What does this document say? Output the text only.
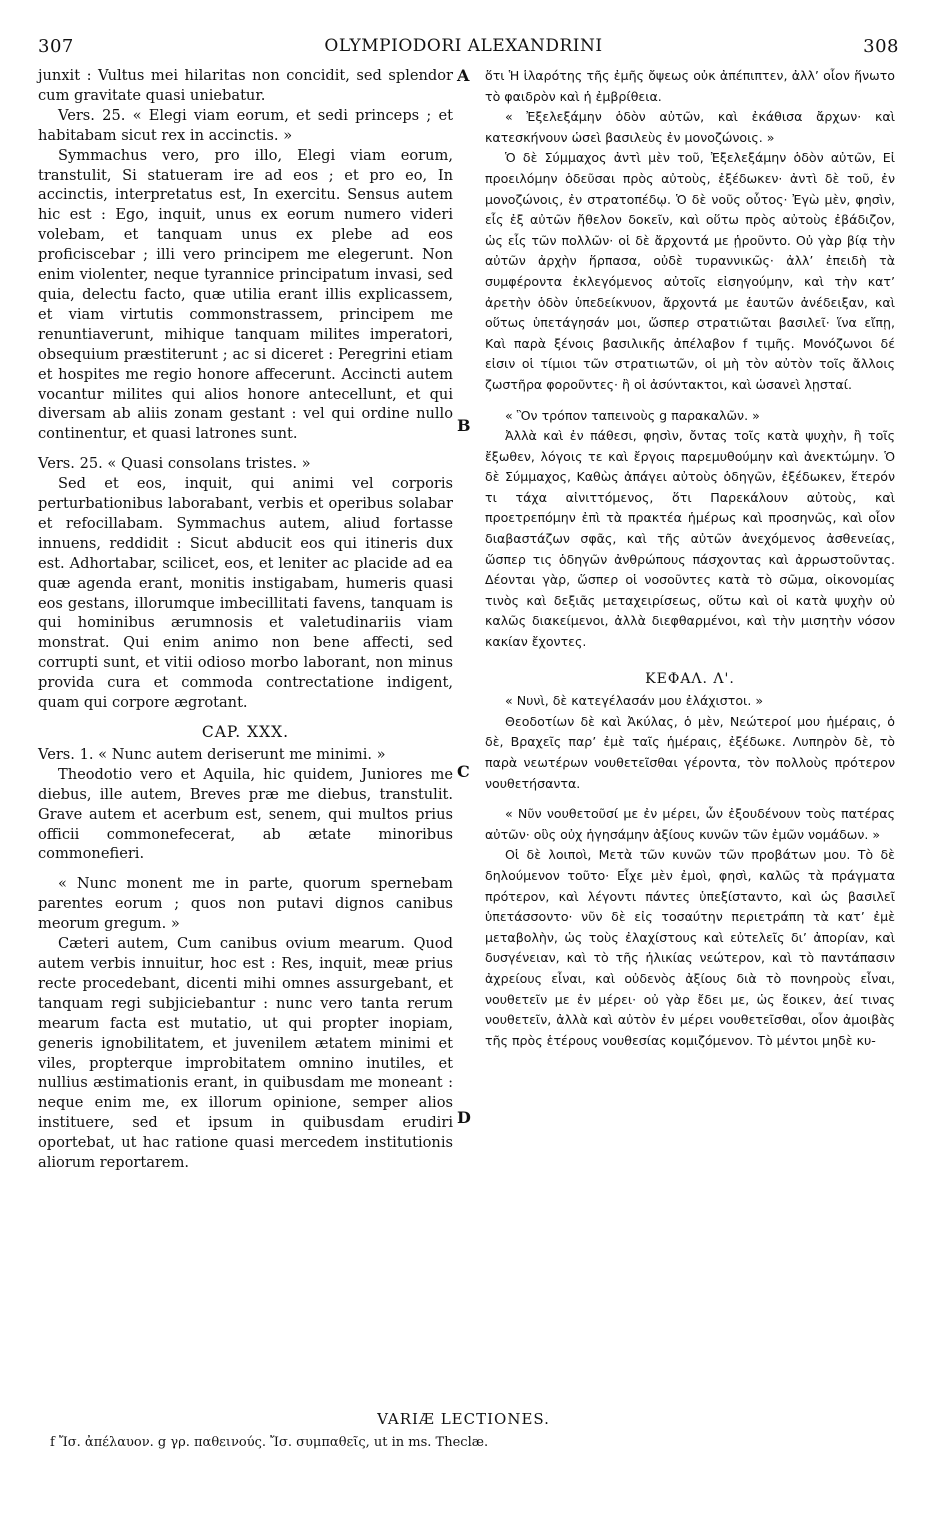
307	OLYMPIODORI ALEXANDRINI	308

junxit : Vultus mei hilaritas non concidit, sed splendor cum gravitate quasi uniebatur.

Vers. 25. « Elegi viam eorum, et sedi princeps ; et habitabam sicut rex in accinctis. »

Symmachus vero, pro illo, Elegi viam eorum, transtulit, Si statueram ire ad eos ; et pro eo, In accinctis, interpretatus est, In exercitu. Sensus autem hic est : Ego, inquit, unus ex eorum numero videri volebam, et tanquam unus ex plebe ad eos proficiscebar ; illi vero principem me elegerunt. Non enim violenter, neque tyrannice principatum invasi, sed quia, delectu facto, quæ utilia erant illis explicassem, et viam virtutis commonstrassem, principem me renuntiaverunt, mihique tanquam milites imperatori, obsequium præstiterunt ; ac si diceret : Peregrini etiam et hospites me regio honore affecerunt. Accincti autem vocantur milites qui alios honore antecellunt, et qui diversam ab aliis zonam gestant : vel qui ordine nullo continentur, et quasi latrones sunt.

Vers. 25. « Quasi consolans tristes. »

Sed et eos, inquit, qui animi vel corporis perturbationibus laborabant, verbis et operibus solabar et refocillabam. Symmachus autem, aliud fortasse innuens, reddidit : Sicut abducit eos qui itineris dux est. Adhortabar, scilicet, eos, et leniter ac placide ad ea quæ agenda erant, monitis instigabam, humeris quasi eos gestans, illorumque imbecillitati favens, tanquam is qui hominibus ærumnosis et valetudinariis viam monstrat. Qui enim animo non bene affecti, sed corrupti sunt, et vitii odioso morbo laborant, non minus provida cura et commoda contrectatione indigent, quam qui corpore ægrotant.

CAP. XXX.

Vers. 1. « Nunc autem deriserunt me minimi. »

Theodotio vero et Aquila, hic quidem, Juniores me diebus, ille autem, Breves præ me diebus, transtulit. Grave autem et acerbum est, senem, qui multos prius officii commonefecerat, ab ætate minoribus commonefieri.

« Nunc monent me in parte, quorum spernebam parentes eorum ; quos non putavi dignos canibus meorum gregum. »

Cæteri autem, Cum canibus ovium mearum. Quod autem verbis innuitur, hoc est : Res, inquit, meæ prius recte procedebant, dicenti mihi omnes assurgebant, et tanquam regi subjiciebantur : nunc vero tanta rerum mearum facta est mutatio, ut qui propter inopiam, generis ignobilitatem, et juvenilem ætatem minimi et viles, propterque improbitatem omnino inutiles, et nullius æstimationis erant, in quibusdam me moneant : neque enim me, ex illorum opinione, semper alios instituere, sed et ipsum in quibusdam erudiri oportebat, ut hac ratione quasi mercedem institutionis aliorum reportarem.

A
B
C
D

ὅτι Ἡ ἱλαρότης τῆς ἐμῆς ὄψεως οὐκ ἀπέπιπτεν, ἀλλ’ οἷον ἥνωτο τὸ φαιδρὸν καὶ ἡ ἐμβρίθεια.

« Ἐξελεξάμην ὁδὸν αὐτῶν, καὶ ἐκάθισα ἄρχων· καὶ κατεσκήνουν ὡσεὶ βασιλεὺς ἐν μονοζώνοις. »

Ὁ δὲ Σύμμαχος ἀντὶ μὲν τοῦ, Ἐξελεξάμην ὁδὸν αὐτῶν, Εἰ προειλόμην ὁδεῦσαι πρὸς αὐτοὺς, ἐξέδωκεν· ἀντὶ δὲ τοῦ, ἐν μονοζώνοις, ἐν στρατοπέδῳ. Ὁ δὲ νοῦς οὗτος· Ἐγὼ μὲν, φησὶν, εἷς ἐξ αὐτῶν ἤθελον δοκεῖν, καὶ οὕτω πρὸς αὐτοὺς ἐβάδιζον, ὡς εἷς τῶν πολλῶν· οἱ δὲ ἄρχοντά με ᾑροῦντο. Οὐ γὰρ βίᾳ τὴν αὐτῶν ἀρχὴν ἥρπασα, οὐδὲ τυραννικῶς· ἀλλ’ ἐπειδὴ τὰ συμφέροντα ἐκλεγόμενος αὐτοῖς εἰσηγούμην, καὶ τὴν κατ’ ἀρετὴν ὁδὸν ὑπεδείκνυον, ἄρχοντά με ἑαυτῶν ἀνέδειξαν, καὶ οὕτως ὑπετάγησάν μοι, ὥσπερ στρατιῶται βασιλεῖ· ἵνα εἴπῃ, Καὶ παρὰ ξένοις βασιλικῆς ἀπέλαβον f τιμῆς. Μονόζωνοι δέ εἰσιν οἱ τίμιοι τῶν στρατιωτῶν, οἱ μὴ τὸν αὐτὸν τοῖς ἄλλοις ζωστῆρα φοροῦντες· ἢ οἱ ἀσύντακτοι, καὶ ὡσανεὶ λῃσταί.

« Ὃν τρόπον ταπεινοὺς g παρακαλῶν. »

Ἀλλὰ καὶ ἐν πάθεσι, φησὶν, ὄντας τοῖς κατὰ ψυχὴν, ἢ τοῖς ἔξωθεν, λόγοις τε καὶ ἔργοις παρεμυθούμην καὶ ἀνεκτώμην. Ὁ δὲ Σύμμαχος, Καθὼς ἀπάγει αὐτοὺς ὁδηγῶν, ἐξέδωκεν, ἕτερόν τι τάχα αἰνιττόμενος, ὅτι Παρεκάλουν αὐτοὺς, καὶ προετρεπόμην ἐπὶ τὰ πρακτέα ἡμέρως καὶ προσηνῶς, καὶ οἷον διαβαστάζων σφᾶς, καὶ τῆς αὐτῶν ἀνεχόμενος ἀσθενείας, ὥσπερ τις ὁδηγῶν ἀνθρώπους πάσχοντας καὶ ἀρρωστοῦντας. Δέονται γὰρ, ὥσπερ οἱ νοσοῦντες κατὰ τὸ σῶμα, οἰκονομίας τινὸς καὶ δεξιᾶς μεταχειρίσεως, οὕτω καὶ οἱ κατὰ ψυχὴν οὐ καλῶς διακείμενοι, ἀλλὰ διεφθαρμένοι, καὶ τὴν μισητὴν νόσον κακίαν ἔχοντες.

ΚΕΦΑΛ. Λ'.

« Νυνὶ, δὲ κατεγέλασάν μου ἐλάχιστοι. »

Θεοδοτίων δὲ καὶ Ἀκύλας, ὁ μὲν, Νεώτεροί μου ἡμέραις, ὁ δὲ, Βραχεῖς παρ’ ἐμὲ ταῖς ἡμέραις, ἐξέδωκε. Λυπηρὸν δὲ, τὸ παρὰ νεωτέρων νουθετεῖσθαι γέροντα, τὸν πολλοὺς πρότερον νουθετήσαντα.

« Νῦν νουθετοῦσί με ἐν μέρει, ὧν ἐξουδένουν τοὺς πατέρας αὐτῶν· οὓς οὐχ ἡγησάμην ἀξίους κυνῶν τῶν ἐμῶν νομάδων. »

Οἱ δὲ λοιποὶ, Μετὰ τῶν κυνῶν τῶν προβάτων μου. Τὸ δὲ δηλούμενον τοῦτο· Εἶχε μὲν ἐμοὶ, φησὶ, καλῶς τὰ πράγματα πρότερον, καὶ λέγοντι πάντες ὑπεξίσταντο, καὶ ὡς βασιλεῖ ὑπετάσσοντο· νῦν δὲ εἰς τοσαύτην περιετράπη τὰ κατ’ ἐμὲ μεταβολὴν, ὡς τοὺς ἐλαχίστους καὶ εὐτελεῖς δι’ ἀπορίαν, καὶ δυσγένειαν, καὶ τὸ τῆς ἡλικίας νεώτερον, καὶ τὸ παντάπασιν ἀχρείους εἶναι, καὶ οὐδενὸς ἀξίους διὰ τὸ πονηροὺς εἶναι, νουθετεῖν με ἐν μέρει· οὐ γὰρ ἔδει με, ὡς ἔοικεν, ἀεί τινας νουθετεῖν, ἀλλὰ καὶ αὐτὸν ἐν μέρει νουθετεῖσθαι, οἷον ἀμοιβὰς τῆς πρὸς ἑτέρους νουθεσίας κομιζόμενον. Τὸ μέντοι μηδὲ κυ-

VARIÆ LECTIONES.
f Ἴσ. ἀπέλαυον. g γρ. παθεινούς. Ἴσ. συμπαθεῖς, ut in ms. Theclæ.
